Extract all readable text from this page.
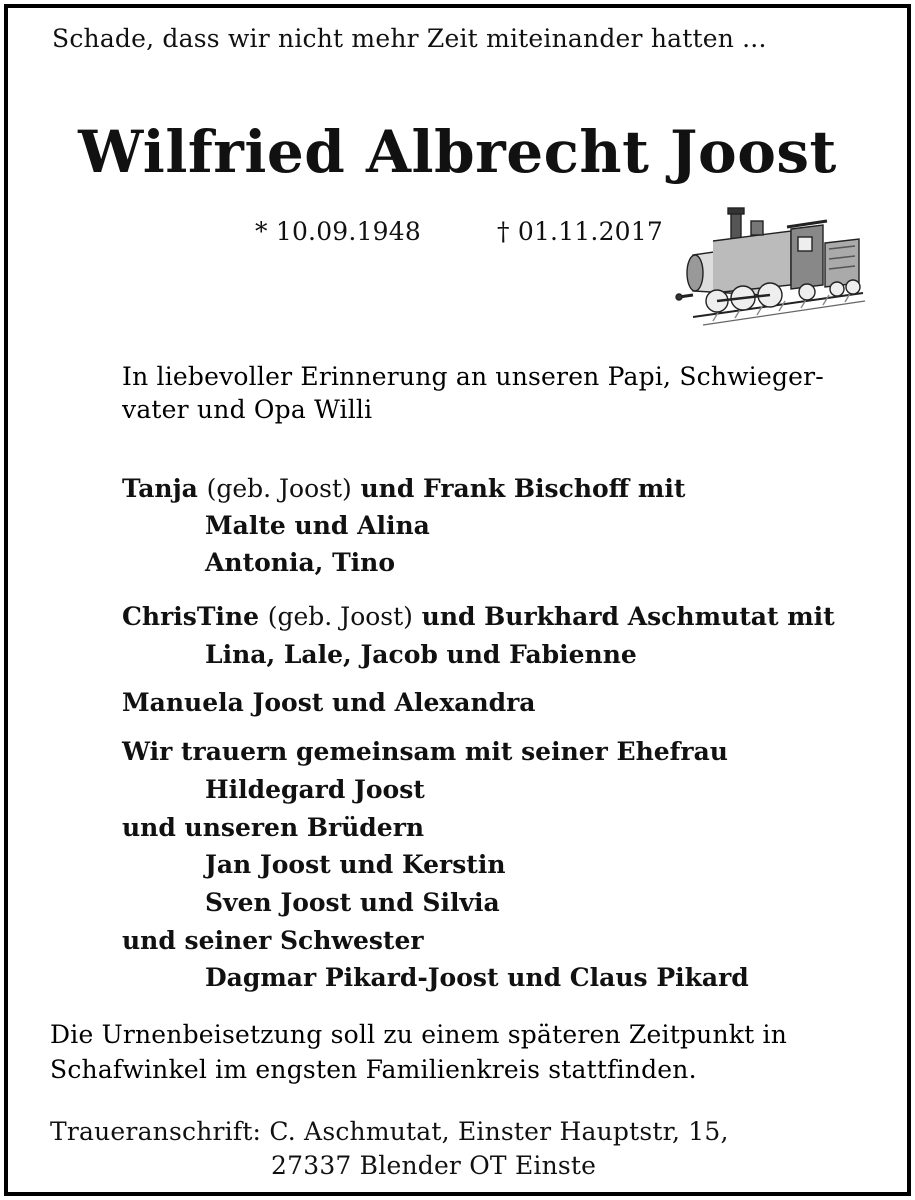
Schade, dass wir nicht mehr Zeit miteinander hatten ...

Wilfried Albrecht Joost

* 10.09.1948	† 01.11.2017

In liebevoller Erinnerung an unseren Papi, Schwieger-
vater und Opa Willi

Tanja (geb. Joost) und Frank Bischoff mit

Malte und Alina

Antonia, Tino

ChrisTine (geb. Joost) und Burkhard Aschmutat mit

Lina, Lale, Jacob und Fabienne

Manuela Joost und Alexandra

Wir trauern gemeinsam mit seiner Ehefrau

Hildegard Joost

und unseren Brüdern

Jan Joost und Kerstin

Sven Joost und Silvia

und seiner Schwester

Dagmar Pikard-Joost und Claus Pikard

Die Urnenbeisetzung soll zu einem späteren Zeitpunkt in
Schafwinkel im engsten Familienkreis stattfinden.

Traueranschrift: C. Aschmutat, Einster Hauptstr, 15,

27337 Blender OT Einste
